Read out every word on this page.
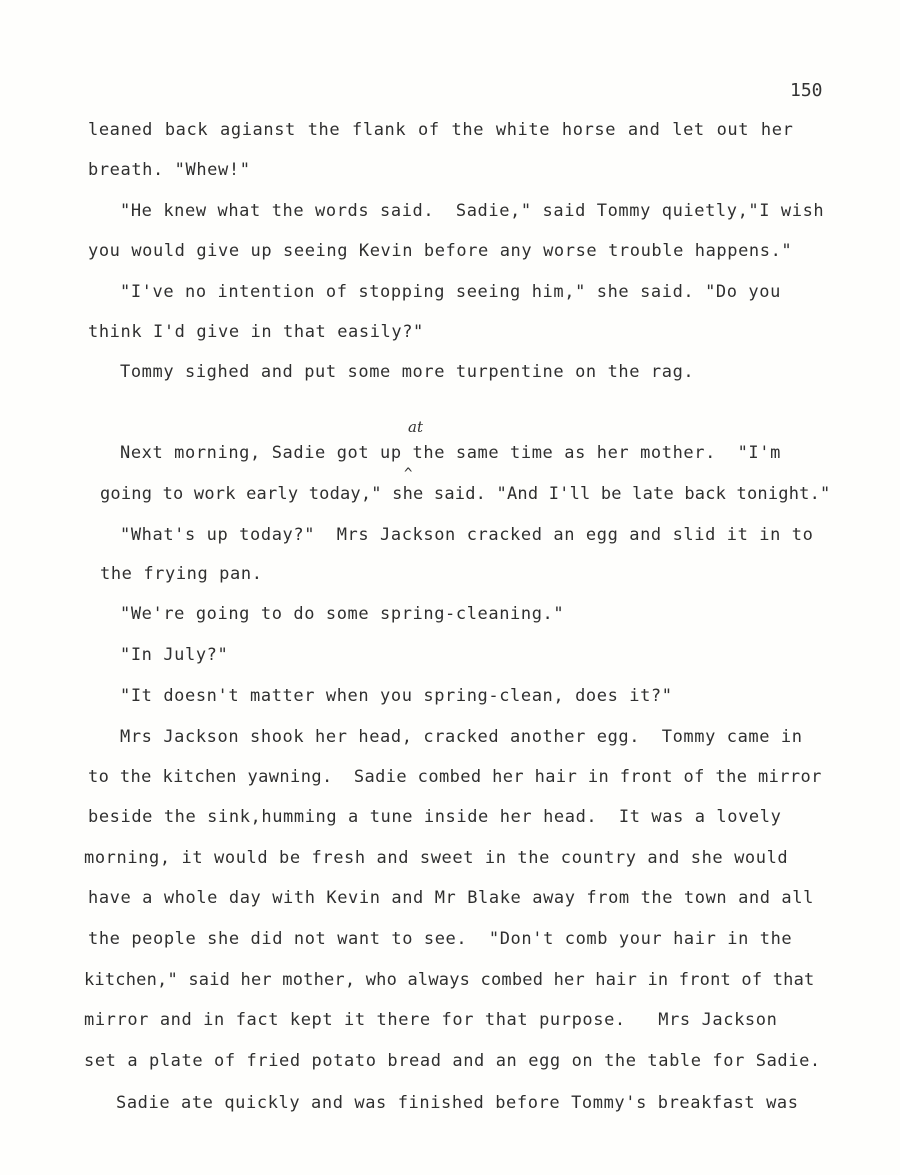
150
leaned back agianst the flank of the white horse and let out her
breath. "Whew!"
"He knew what the words said.  Sadie," said Tommy quietly,"I wish
you would give up seeing Kevin before any worse trouble happens."
"I've no intention of stopping seeing him," she said. "Do you
think I'd give in that easily?"
Tommy sighed and put some more turpentine on the rag.
at
^
Next morning, Sadie got up the same time as her mother.  "I'm
going to work early today," she said. "And I'll be late back tonight."
"What's up today?"  Mrs Jackson cracked an egg and slid it in to
the frying pan.
"We're going to do some spring-cleaning."
"In July?"
"It doesn't matter when you spring-clean, does it?"
Mrs Jackson shook her head, cracked another egg.  Tommy came in
to the kitchen yawning.  Sadie combed her hair in front of the mirror
beside the sink,humming a tune inside her head.  It was a lovely
morning, it would be fresh and sweet in the country and she would
have a whole day with Kevin and Mr Blake away from the town and all
the people she did not want to see.  "Don't comb your hair in the
kitchen," said her mother, who always combed her hair in front of that
mirror and in fact kept it there for that purpose.   Mrs Jackson
set a plate of fried potato bread and an egg on the table for Sadie.
Sadie ate quickly and was finished before Tommy's breakfast was
